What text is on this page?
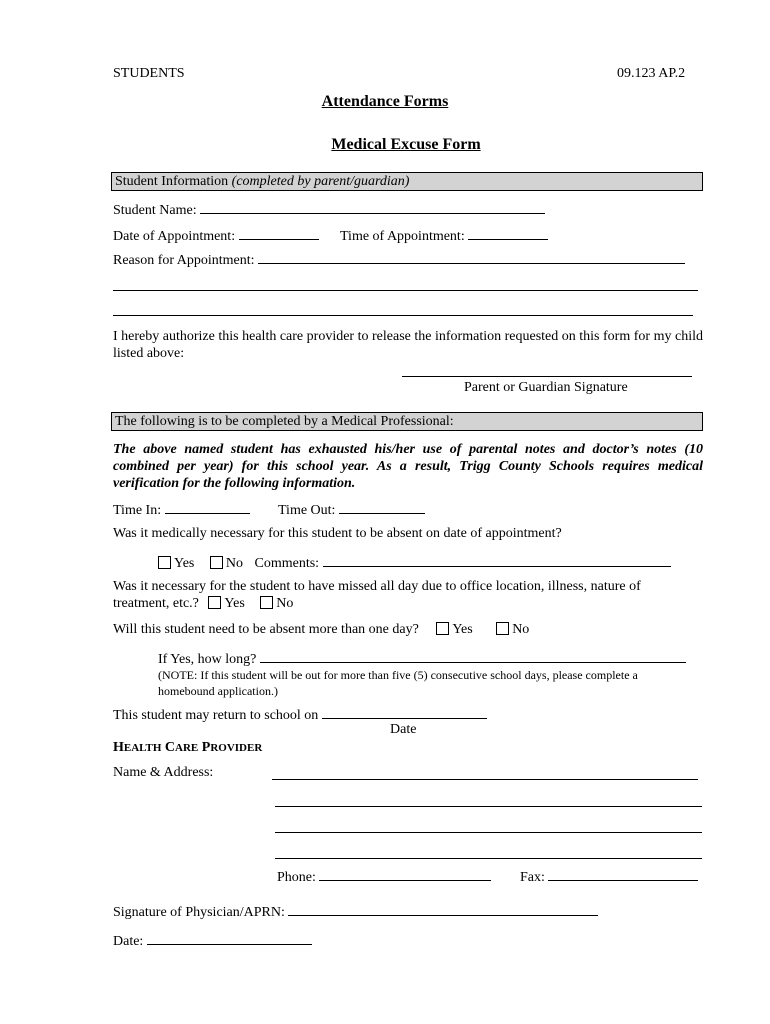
STUDENTS	09.123 AP.2
Attendance Forms
Medical Excuse Form
Student Information (completed by parent/guardian)
Student Name:
Date of Appointment:	Time of Appointment:
Reason for Appointment:
I hereby authorize this health care provider to release the information requested on this form for my child listed above:
Parent or Guardian Signature
The following is to be completed by a Medical Professional:
The above named student has exhausted his/her use of parental notes and doctor’s notes (10 combined per year) for this school year. As a result, Trigg County Schools requires medical verification for the following information.
Time In:	Time Out:
Was it medically necessary for this student to be absent on date of appointment?
Yes No Comments:
Was it necessary for the student to have missed all day due to office location, illness, nature of
treatment, etc.? Yes No
Will this student need to be absent more than one day? Yes	No
If Yes, how long?
(NOTE: If this student will be out for more than five (5) consecutive school days, please complete a homebound application.)
This student may return to school on
Date
HEALTH CARE PROVIDER
Name & Address:
Phone:	Fax:
Signature of Physician/APRN:
Date:
